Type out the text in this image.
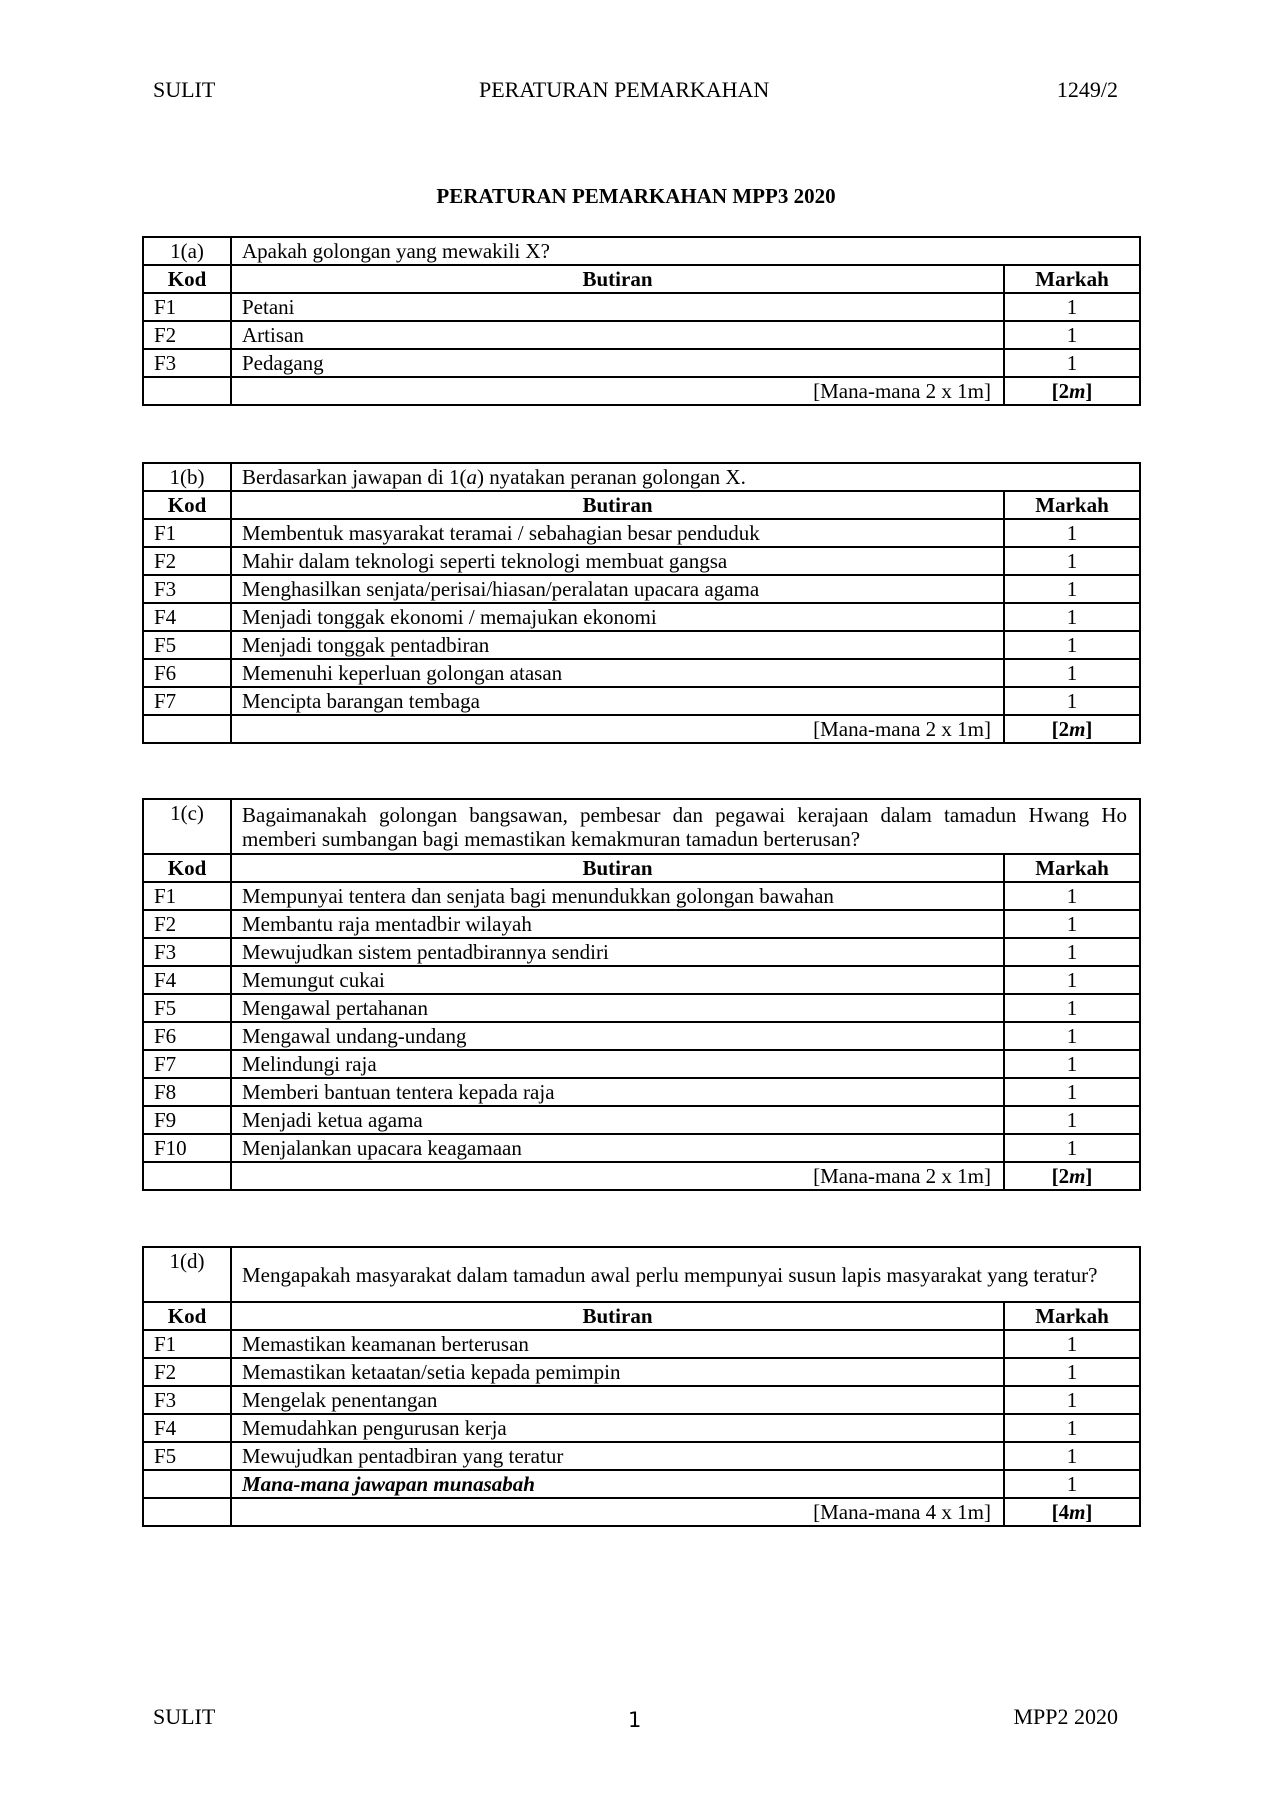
SULIT	PERATURAN PEMARKAHAN	1249/2
PERATURAN PEMARKAHAN MPP3 2020
1(a)	Apakah golongan yang mewakili X?	
Kod	Butiran	Markah
F1	Petani	1
F2	Artisan	1
F3	Pedagang	1
	[Mana-mana 2 x 1m]	[2m]
1(b)	Berdasarkan jawapan di 1(a) nyatakan peranan golongan X.	
Kod	Butiran	Markah
F1	Membentuk masyarakat teramai / sebahagian besar penduduk	1
F2	Mahir dalam teknologi seperti teknologi membuat gangsa	1
F3	Menghasilkan senjata/perisai/hiasan/peralatan upacara agama	1
F4	Menjadi tonggak ekonomi / memajukan ekonomi	1
F5	Menjadi tonggak pentadbiran	1
F6	Memenuhi keperluan golongan atasan	1
F7	Mencipta barangan tembaga	1
	[Mana-mana 2 x 1m]	[2m]
1(c)	Bagaimanakah golongan bangsawan, pembesar dan pegawai kerajaan dalam tamadun Hwang Ho memberi sumbangan bagi memastikan kemakmuran tamadun berterusan?	
Kod	Butiran	Markah
F1	Mempunyai tentera dan senjata bagi menundukkan golongan bawahan	1
F2	Membantu raja mentadbir wilayah	1
F3	Mewujudkan sistem pentadbirannya sendiri	1
F4	Memungut cukai	1
F5	Mengawal pertahanan	1
F6	Mengawal undang-undang	1
F7	Melindungi raja	1
F8	Memberi bantuan tentera kepada raja	1
F9	Menjadi ketua agama	1
F10	Menjalankan upacara keagamaan	1
	[Mana-mana 2 x 1m]	[2m]
1(d)	Mengapakah masyarakat dalam tamadun awal perlu mempunyai susun lapis masyarakat yang teratur?	
Kod	Butiran	Markah
F1	Memastikan keamanan berterusan	1
F2	Memastikan ketaatan/setia kepada pemimpin	1
F3	Mengelak penentangan	1
F4	Memudahkan pengurusan kerja	1
F5	Mewujudkan pentadbiran yang teratur	1
	Mana-mana jawapan munasabah	1
	[Mana-mana 4 x 1m]	[4m]
SULIT	1	MPP2 2020
